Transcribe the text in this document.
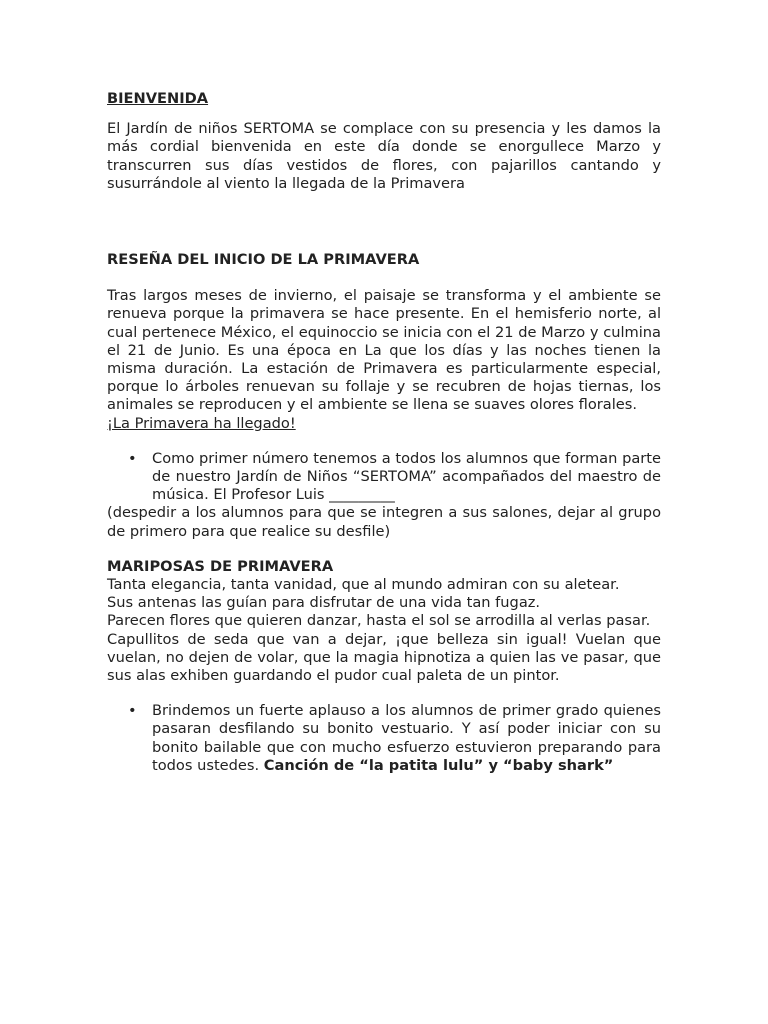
BIENVENIDA

El Jardín de niños SERTOMA se complace con su presencia y les damos la más cordial bienvenida en este día donde se enorgullece Marzo y transcurren sus días vestidos de flores, con pajarillos cantando y susurrándole al viento la llegada de la Primavera

RESEÑA DEL INICIO DE LA PRIMAVERA

Tras largos meses de invierno, el paisaje se transforma y el ambiente se renueva porque la primavera se hace presente. En el hemisferio norte, al cual pertenece México, el equinoccio se inicia con el 21 de Marzo y culmina el 21 de Junio. Es una época en La que los días y las noches tienen la misma duración. La estación de Primavera es particularmente especial, porque lo árboles renuevan su follaje y se recubren de hojas tiernas, los animales se reproducen y el ambiente se llena se suaves olores florales.

¡La Primavera ha llegado!
• Como primer número tenemos a todos los alumnos que forman parte de nuestro Jardín de Niños “SERTOMA” acompañados del maestro de música. El Profesor Luis _________

(despedir a los alumnos para que se integren a sus salones, dejar al grupo de primero para que realice su desfile)

MARIPOSAS DE PRIMAVERA

Tanta elegancia, tanta vanidad, que al mundo admiran con su aletear.

Sus antenas las guían para disfrutar de una vida tan fugaz.

Parecen flores que quieren danzar, hasta el sol se arrodilla al verlas pasar.

Capullitos de seda que van a dejar, ¡que belleza sin igual! Vuelan que vuelan, no dejen de volar, que la magia hipnotiza a quien las ve pasar, que sus alas exhiben guardando el pudor cual paleta de un pintor.

• Brindemos un fuerte aplauso a los alumnos de primer grado quienes pasaran desfilando su bonito vestuario. Y así poder iniciar con su bonito bailable que con mucho esfuerzo estuvieron preparando para todos ustedes. Canción de “la patita lulu” y “baby shark”
